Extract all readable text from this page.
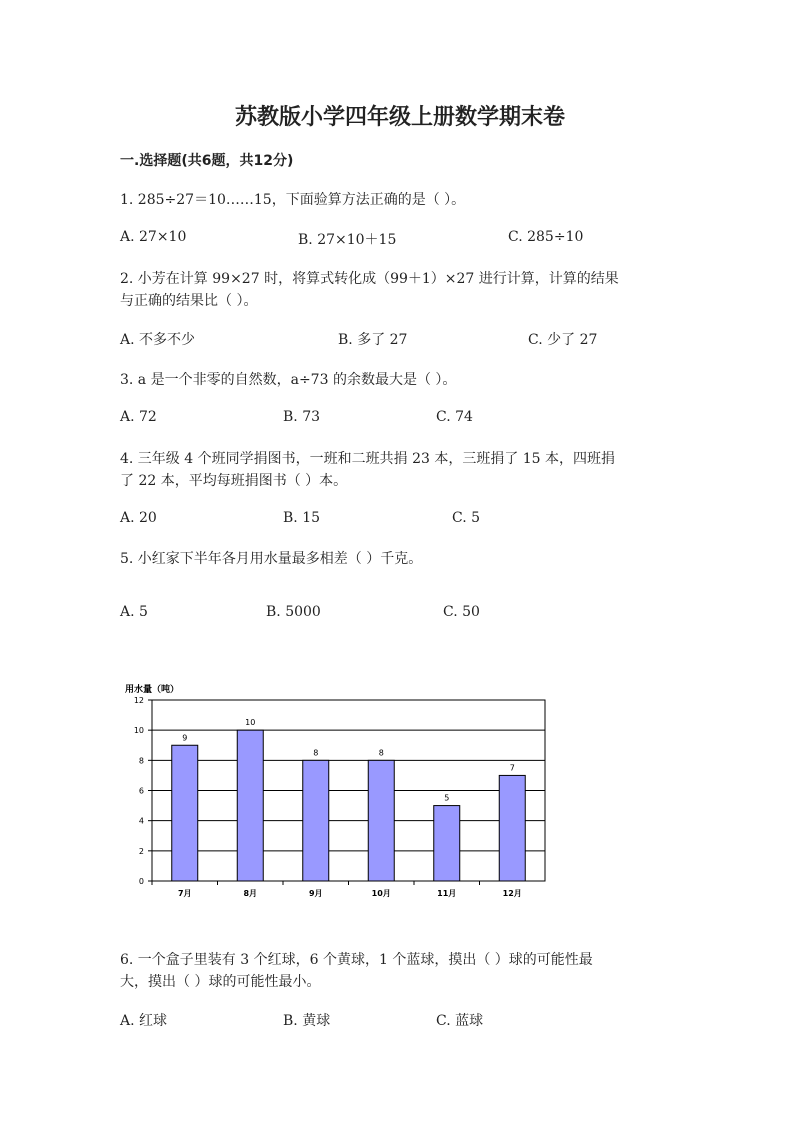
苏教版小学四年级上册数学期末卷
一.选择题(共6题，共12分)
1. 285÷27＝10……15，下面验算方法正确的是（ ）。
A. 27×10	B. 27×10＋15	C. 285÷10
2. 小芳在计算 99×27 时，将算式转化成（99＋1）×27 进行计算，计算的结果
与正确的结果比（ ）。
A. 不多不少	B. 多了 27	C. 少了 27
3. a 是一个非零的自然数，a÷73 的余数最大是（ ）。
A. 72	B. 73	C. 74
4. 三年级 4 个班同学捐图书，一班和二班共捐 23 本，三班捐了 15 本，四班捐
了 22 本，平均每班捐图书（ ）本。
A. 20	B. 15	C. 5
5. 小红家下半年各月用水量最多相差（ ）千克。
A. 5	B. 5000	C. 50
用水量（吨）
0
2
4
6
8
10
12
9
7月
10
8月
8
9月
8
10月
5
11月
7
12月
6. 一个盒子里装有 3 个红球，6 个黄球，1 个蓝球，摸出（ ）球的可能性最
大，摸出（ ）球的可能性最小。
A. 红球	B. 黄球	C. 蓝球
